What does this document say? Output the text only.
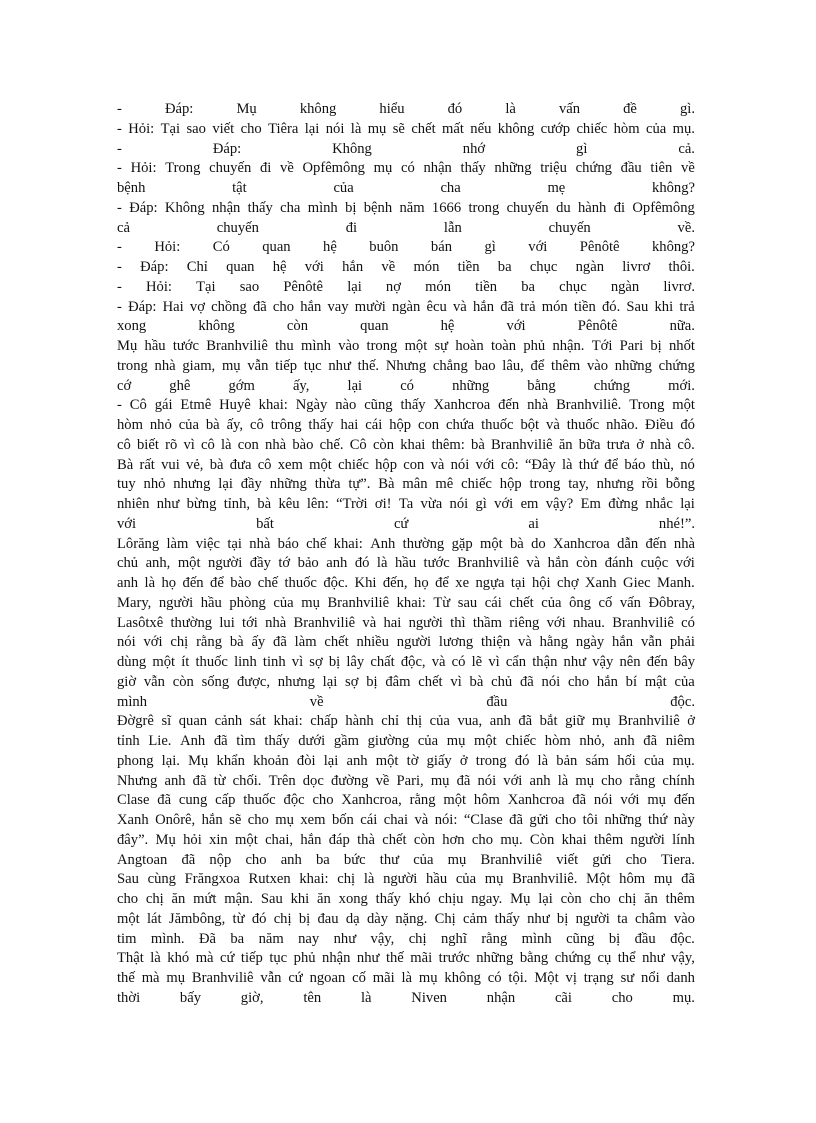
-	Đáp:	Mụ	không	hiểu	đó	là	vấn	đề	gì.
- Hỏi: Tại sao viết cho Tiêra lại nói là mụ sẽ chết mất nếu không cướp chiếc hòm của mụ.
-	Đáp:	Không	nhớ	gì	cả.
- Hỏi: Trong chuyến đi về Opfêmông mụ có nhận thấy những triệu chứng đầu tiên về
bệnh	tật	của	cha	mẹ	không?
- Đáp: Không nhận thấy cha mình bị bệnh năm 1666 trong chuyến du hành đi Opfêmông
cả	chuyến	đi	lẫn	chuyến	về.
- Hỏi: Có quan hệ buôn bán gì với Pênôtê không?
- Đáp: Chỉ quan hệ với hắn về món tiền ba chục ngàn livrơ thôi.
- Hỏi: Tại sao Pênôtê lại nợ món tiền ba chục ngàn livrơ.
- Đáp: Hai vợ chồng đã cho hắn vay mười ngàn êcu và hắn đã trả món tiền đó. Sau khi trả
xong	không	còn	quan	hệ	với	Pênôtê	nữa.
Mụ hầu tước Branhviliê thu mình vào trong một sự hoàn toàn phủ nhận. Tới Pari bị nhốt
trong nhà giam, mụ vẫn tiếp tục như thế. Nhưng chẳng bao lâu, để thêm vào những chứng
cớ	ghê	gớm	ấy,	lại	có	những	bằng	chứng	mới.
- Cô gái Etmê Huyê khai: Ngày nào cũng thấy Xanhcroa đến nhà Branhviliê. Trong một
hòm nhỏ của bà ấy, cô trông thấy hai cái hộp con chứa thuốc bột và thuốc nhão. Điều đó
cô biết rõ vì cô là con nhà bào chế. Cô còn khai thêm: bà Branhviliê ăn bữa trưa ở nhà cô.
Bà rất vui vẻ, bà đưa cô xem một chiếc hộp con và nói với cô: “Đây là thứ để báo thù, nó
tuy nhỏ nhưng lại đầy những thừa tự”. Bà mân mê chiếc hộp trong tay, nhưng rồi bỗng
nhiên như bừng tỉnh, bà kêu lên: “Trời ơi! Ta vừa nói gì với em vậy? Em đừng nhắc lại
với	bất	cứ	ai	nhé!”.
Lôrăng làm việc tại nhà báo chế khai: Anh thường gặp một bà do Xanhcroa dẫn đến nhà
chủ anh, một người đầy tớ bảo anh đó là hầu tước Branhviliê và hắn còn đánh cuộc với
anh là họ đến để bào chế thuốc độc. Khi đến, họ để xe ngựa tại hội chợ Xanh Giec Manh.
Mary, người hầu phòng của mụ Branhviliê khai: Từ sau cái chết của ông cố vấn Đôbray,
Lasôtxê thường lui tới nhà Branhviliê và hai người thì thầm riêng với nhau. Branhviliê có
nói với chị rằng bà ấy đã làm chết nhiều người lương thiện và hằng ngày hắn vẫn phải
dùng một ít thuốc linh tinh vì sợ bị lây chất độc, và có lẽ vì cẩn thận như vậy nên đến bây
giờ vẫn còn sống được, nhưng lại sợ bị đâm chết vì bà chủ đã nói cho hắn bí mật của
mình	về	đầu	độc.
Đờgrê sĩ quan cảnh sát khai: chấp hành chỉ thị của vua, anh đã bắt giữ mụ Branhviliê ở
tỉnh Lie. Anh đã tìm thấy dưới gầm giường của mụ một chiếc hòm nhỏ, anh đã niêm
phong lại. Mụ khẩn khoản đòi lại anh một tờ giấy ở trong đó là bản sám hối của mụ.
Nhưng anh đã từ chối. Trên dọc đường về Pari, mụ đã nói với anh là mụ cho rằng chính
Clase đã cung cấp thuốc độc cho Xanhcroa, rằng một hôm Xanhcroa đã nói với mụ đến
Xanh Onôrê, hắn sẽ cho mụ xem bốn cái chai và nói: “Clase đã gửi cho tôi những thứ này
đây”. Mụ hỏi xin một chai, hắn đáp thà chết còn hơn cho mụ. Còn khai thêm người lính
Angtoan đã nộp cho anh ba bức thư của mụ Branhviliê viết gửi cho Tiera.
Sau cùng Frăngxoa Rutxen khai: chị là người hầu của mụ Branhviliê. Một hôm mụ đã
cho chị ăn mứt mận. Sau khi ăn xong thấy khó chịu ngay. Mụ lại còn cho chị ăn thêm
một lát Jămbông, từ đó chị bị đau dạ dày nặng. Chị cảm thấy như bị người ta châm vào
tim mình. Đã ba năm nay như vậy, chị nghĩ rằng mình cũng bị đầu độc.
Thật là khó mà cứ tiếp tục phủ nhận như thế mãi trước những bằng chứng cụ thể như vậy,
thế mà mụ Branhviliê vẫn cứ ngoan cố mãi là mụ không có tội. Một vị trạng sư nổi danh
thời	bấy	giờ,	tên	là	Niven	nhận	cãi	cho	mụ.
